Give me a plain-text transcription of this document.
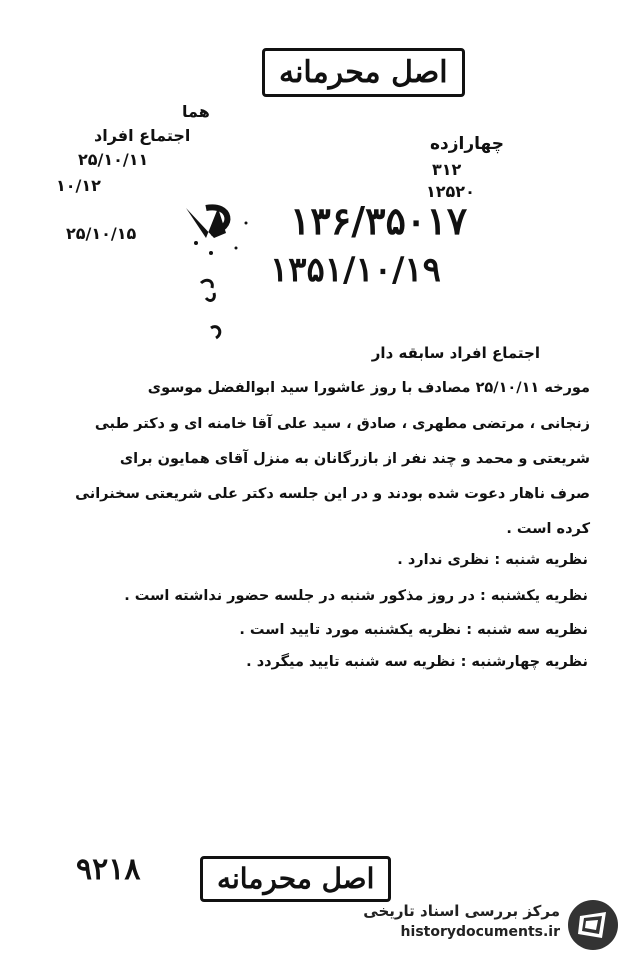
اصل محرمانه
هما
اجتماع افراد
۲۵/۱۰/۱۱
۱۰/۱۲
۲۵/۱۰/۱۵
چهارازده
۳۱۲
۱۲۵۲۰
۱۳۶/۳۵۰۱۷
۱۳۵۱/۱۰/۱۹
اجتماع افراد سابقه دار
مورخه ۲۵/۱۰/۱۱ مصادف با روز عاشورا سید ابوالفضل موسوی
زنجانی ، مرتضی مطهری ، صادق ، سید علی آقا خامنه ای و دکتر طبی
شریعتی و محمد و چند نفر از بازرگانان به منزل آقای همایون برای
صرف ناهار دعوت شده بودند و در این جلسه دکتر علی شریعتی سخنرانی
کرده است .
نظریه شنبه : نظری ندارد .
نظریه یکشنبه : در روز مذکور شنبه در جلسه حضور نداشته است .
نظریه سه شنبه : نظریه یکشنبه مورد تایید است .
نظریه چهارشنبه : نظریه سه شنبه تایید میگردد .
۹۲۱۸	اصل محرمانه
مرکز بررسی اسناد تاریخی
historydocuments.ir
